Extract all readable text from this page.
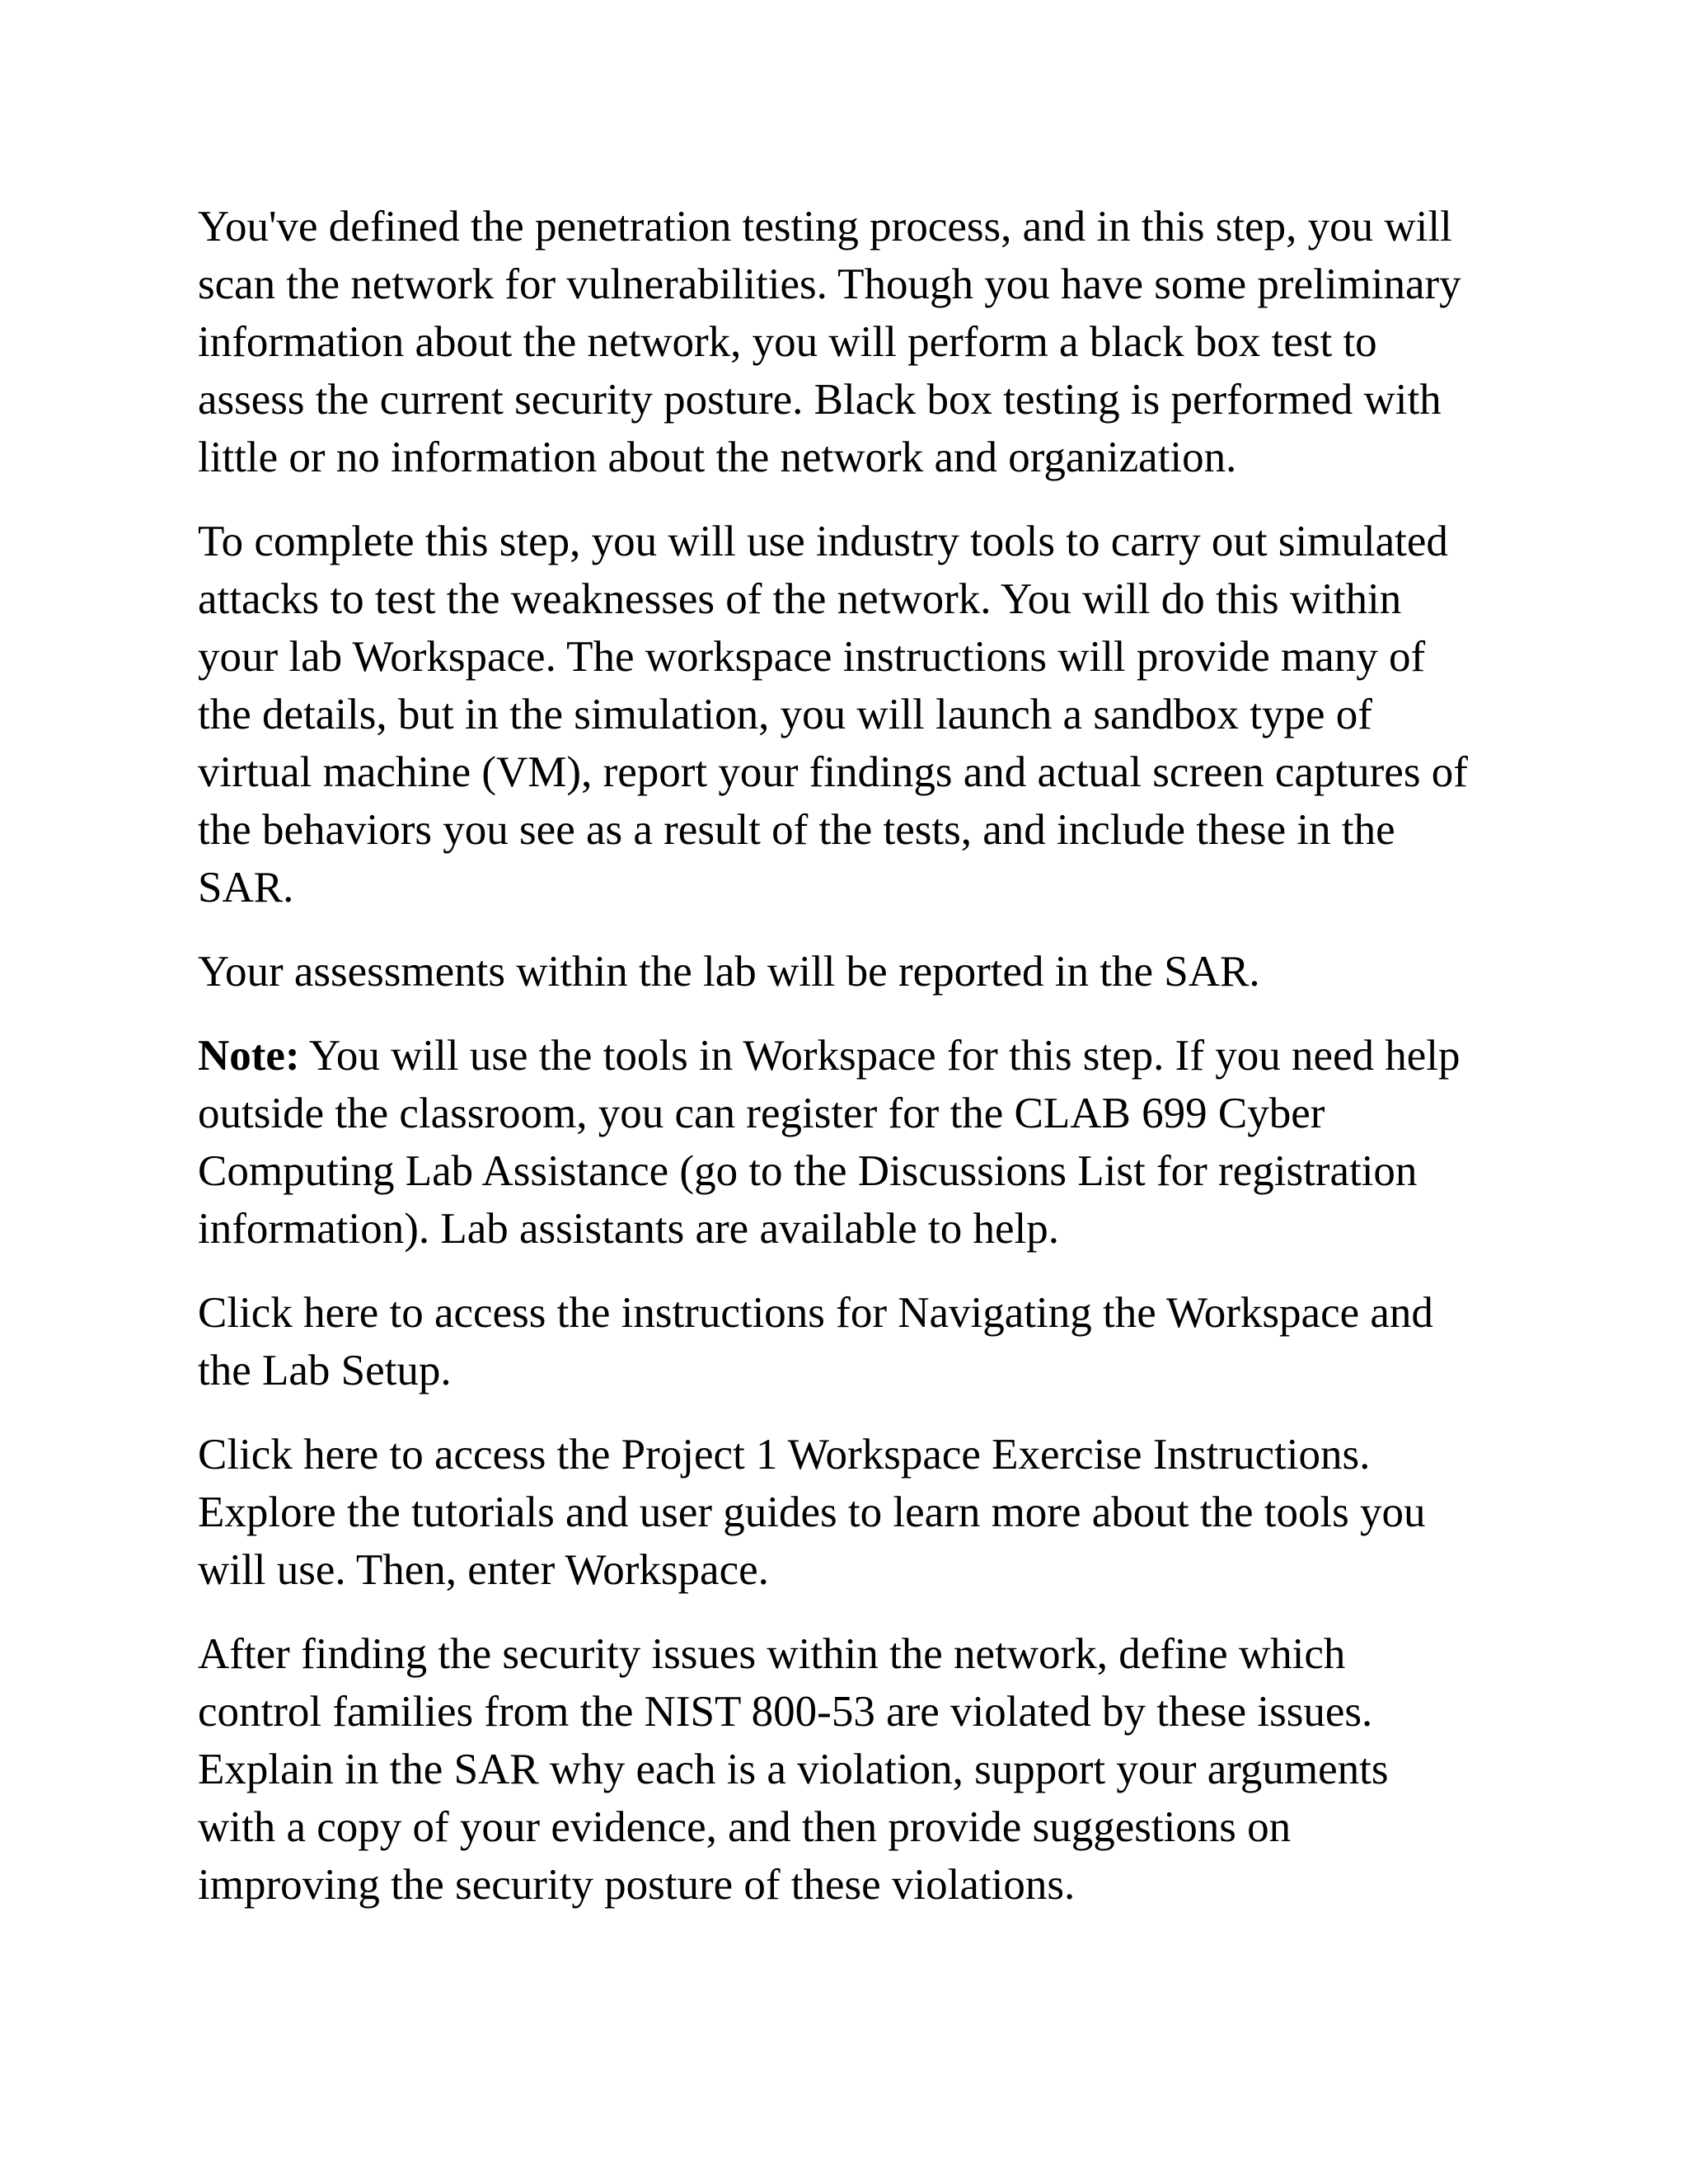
You've defined the penetration testing process, and in this step, you will
scan the network for vulnerabilities. Though you have some preliminary
information about the network, you will perform a black box test to
assess the current security posture. Black box testing is performed with
little or no information about the network and organization.

To complete this step, you will use industry tools to carry out simulated
attacks to test the weaknesses of the network. You will do this within
your lab Workspace. The workspace instructions will provide many of
the details, but in the simulation, you will launch a sandbox type of
virtual machine (VM), report your findings and actual screen captures of
the behaviors you see as a result of the tests, and include these in the
SAR.

Your assessments within the lab will be reported in the SAR.

Note: You will use the tools in Workspace for this step. If you need help
outside the classroom, you can register for the CLAB 699 Cyber
Computing Lab Assistance (go to the Discussions List for registration
information). Lab assistants are available to help.

Click here to access the instructions for Navigating the Workspace and
the Lab Setup.

Click here to access the Project 1 Workspace Exercise Instructions.
Explore the tutorials and user guides to learn more about the tools you
will use. Then, enter Workspace.

After finding the security issues within the network, define which
control families from the NIST 800-53 are violated by these issues.
Explain in the SAR why each is a violation, support your arguments
with a copy of your evidence, and then provide suggestions on
improving the security posture of these violations.
